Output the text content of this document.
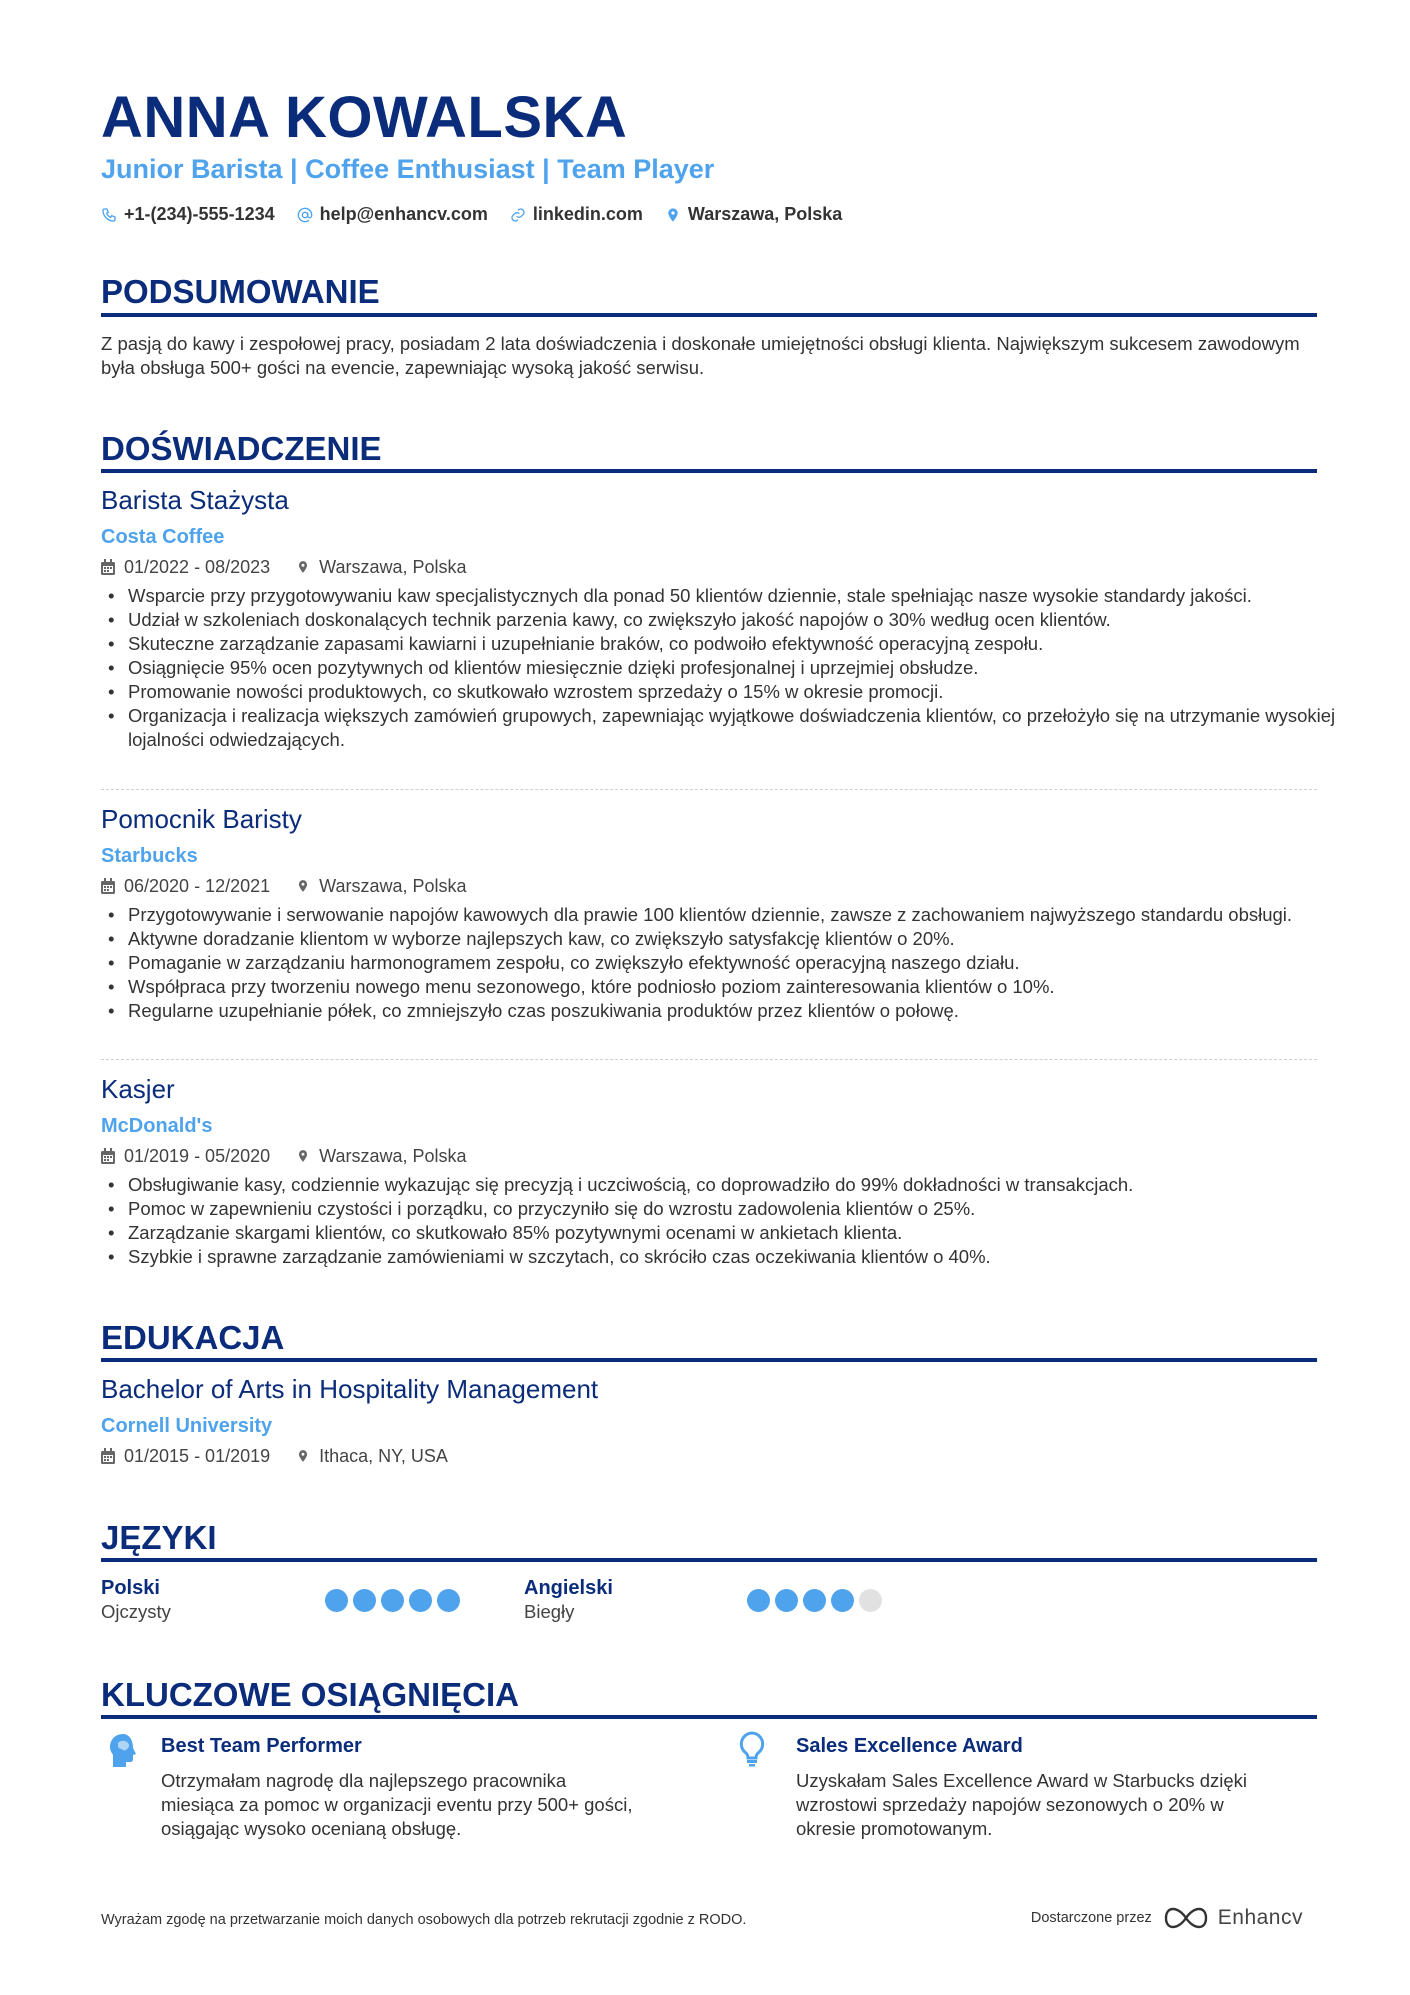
ANNA KOWALSKA
Junior Barista | Coffee Enthusiast | Team Player
+1-(234)-555-1234	help@enhancv.com	linkedin.com	Warszawa, Polska
PODSUMOWANIE
Z pasją do kawy i zespołowej pracy, posiadam 2 lata doświadczenia i doskonałe umiejętności obsługi klienta. Największym sukcesem zawodowym była obsługa 500+ gości na evencie, zapewniając wysoką jakość serwisu.
DOŚWIADCZENIE
Barista Stażysta
Costa Coffee
01/2022 - 08/2023	Warszawa, Polska
• Wsparcie przy przygotowywaniu kaw specjalistycznych dla ponad 50 klientów dziennie, stale spełniając nasze wysokie standardy jakości.
• Udział w szkoleniach doskonalących technik parzenia kawy, co zwiększyło jakość napojów o 30% według ocen klientów.
• Skuteczne zarządzanie zapasami kawiarni i uzupełnianie braków, co podwoiło efektywność operacyjną zespołu.
• Osiągnięcie 95% ocen pozytywnych od klientów miesięcznie dzięki profesjonalnej i uprzejmiej obsłudze.
• Promowanie nowości produktowych, co skutkowało wzrostem sprzedaży o 15% w okresie promocji.
• Organizacja i realizacja większych zamówień grupowych, zapewniając wyjątkowe doświadczenia klientów, co przełożyło się na utrzymanie wysokiej lojalności odwiedzających.
Pomocnik Baristy
Starbucks
06/2020 - 12/2021	Warszawa, Polska
• Przygotowywanie i serwowanie napojów kawowych dla prawie 100 klientów dziennie, zawsze z zachowaniem najwyższego standardu obsługi.
• Aktywne doradzanie klientom w wyborze najlepszych kaw, co zwiększyło satysfakcję klientów o 20%.
• Pomaganie w zarządzaniu harmonogramem zespołu, co zwiększyło efektywność operacyjną naszego działu.
• Współpraca przy tworzeniu nowego menu sezonowego, które podniosło poziom zainteresowania klientów o 10%.
• Regularne uzupełnianie półek, co zmniejszyło czas poszukiwania produktów przez klientów o połowę.
Kasjer
McDonald's
01/2019 - 05/2020	Warszawa, Polska
• Obsługiwanie kasy, codziennie wykazując się precyzją i uczciwością, co doprowadziło do 99% dokładności w transakcjach.
• Pomoc w zapewnieniu czystości i porządku, co przyczyniło się do wzrostu zadowolenia klientów o 25%.
• Zarządzanie skargami klientów, co skutkowało 85% pozytywnymi ocenami w ankietach klienta.
• Szybkie i sprawne zarządzanie zamówieniami w szczytach, co skróciło czas oczekiwania klientów o 40%.
EDUKACJA
Bachelor of Arts in Hospitality Management
Cornell University
01/2015 - 01/2019	Ithaca, NY, USA
JĘZYKI
Polski
Ojczysty
Angielski
Biegły
KLUCZOWE OSIĄGNIĘCIA
Best Team Performer
Otrzymałam nagrodę dla najlepszego pracownika miesiąca za pomoc w organizacji eventu przy 500+ gości, osiągając wysoko ocenianą obsługę.
Sales Excellence Award
Uzyskałam Sales Excellence Award w Starbucks dzięki wzrostowi sprzedaży napojów sezonowych o 20% w okresie promotowanym.
Wyrażam zgodę na przetwarzanie moich danych osobowych dla potrzeb rekrutacji zgodnie z RODO.	Dostarczone przez	Enhancv
